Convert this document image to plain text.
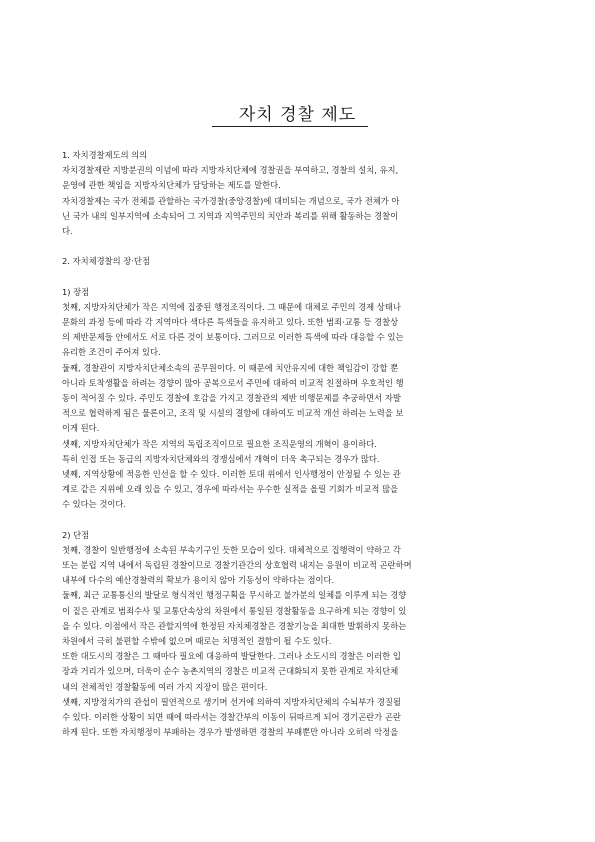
자치 경찰 제도
1. 자치경찰제도의 의의
자치경찰제란 지방분권의 이념에 따라 지방자치단체에 경찰권을 부여하고, 경찰의 설치, 유지,
운영에 관한 책임을 지방자치단체가 담당하는 제도를 말한다.
자치경찰제는 국가 전체를 관할하는 국가경찰(중앙경찰)에 대비되는 개념으로, 국가 전체가 아
닌 국가 내의 일부지역에 소속되어 그 지역과 지역주민의 치안과 복리를 위해 활동하는 경찰이
다.
2. 자치체경찰의 장·단점
1) 장점
첫째, 지방자치단체가 작은 지역에 집중된 행정조직이다. 그 때문에 대체로 주민의 경제 상태나
문화의 과정 등에 따라 각 지역마다 색다른 특색들을 유지하고 있다. 또한 범죄·교통 등 경찰상
의 제반문제들 안에서도 서로 다른 것이 보통이다. 그러므로 이러한 특색에 따라 대응할 수 있는
유리한 조건이 주어져 있다.
둘째, 경찰관이 지방자치단체소속의 공무원이다. 이 때문에 치안유지에 대한 책임감이 강할 뿐
아니라 토착생활을 하려는 경향이 많아 공복으로서 주민에 대하여 비교적 친절하며 우호적인 행
동이 적어질 수 있다. 주민도 경찰에 호감을 가지고 경찰관의 제반 비행문제를 추궁하면서 자발
적으로 협력하게 됨은 물론이고, 조직 및 시설의 결함에 대하여도 비교적 개선 하려는 노력을 보
이게 된다.
셋째, 지방자치단체가 작은 지역의 독립조직이므로 필요한 조직운영의 개혁이 용이하다.
특히 인접 또는 동급의 지방자치단체와의 경쟁심에서 개혁이 더욱 촉구되는 경우가 많다.
넷째, 지역상황에 적응한 인선을 할 수 있다. 이러한 토대 위에서 인사행정이 안정될 수 있는 관
계로 같은 지위에 오래 있을 수 있고, 경우에 따라서는 우수한 실적을 올릴 기회가 비교적 많을
수 있다는 것이다.
2) 단점
첫째, 경찰이 일반행정에 소속된 부속기구인 듯한 모습이 있다. 대체적으로 집행력이 약하고 각
또는 분립 지역 내에서 독립된 경찰이므로 경찰기관간의 상호협력 내지는 응원이 비교적 곤란하며
내부에 다수의 예산경찰력의 확보가 용이치 않아 기동성이 약하다는 점이다.
둘째, 최근 교통통신의 발달로 형식적인 행정구획을 무시하고 불가분의 일체를 이루게 되는 경향
이 짙은 관계로 범죄수사 및 교통단속상의 차원에서 통일된 경찰활동을 요구하게 되는 경향이 있
을 수 있다. 이점에서 작은 관할지역에 한정된 자치체경찰은 경찰기능을 최대한 발휘하지 못하는
차원에서 극히 불편할 수밖에 없으며 때로는 치명적인 결함이 될 수도 있다.
또한 대도시의 경찰은 그 때마다 필요에 대응하여 발달한다. 그러나 소도시의 경찰은 이러한 입
장과 거리가 있으며, 더욱이 순수 농촌지역의 경찰은 비교적 근대화되지 못한 관계로 자치단체
내의 전체적인 경찰활동에 여러 가지 지장이 많은 편이다.
셋째, 지방정치가의 관섭이 필연적으로 생기며 선거에 의하여 지방자치단체의 수뇌부가 경질될
수 있다. 이러한 상황이 되면 때에 따라서는 경찰간부의 이동이 뒤따르게 되어 경기곤란가 곤란
하게 된다. 또한 자치행정이 부패하는 경우가 발생하면 경찰의 부패뿐만 아니라 오히려 악정을
